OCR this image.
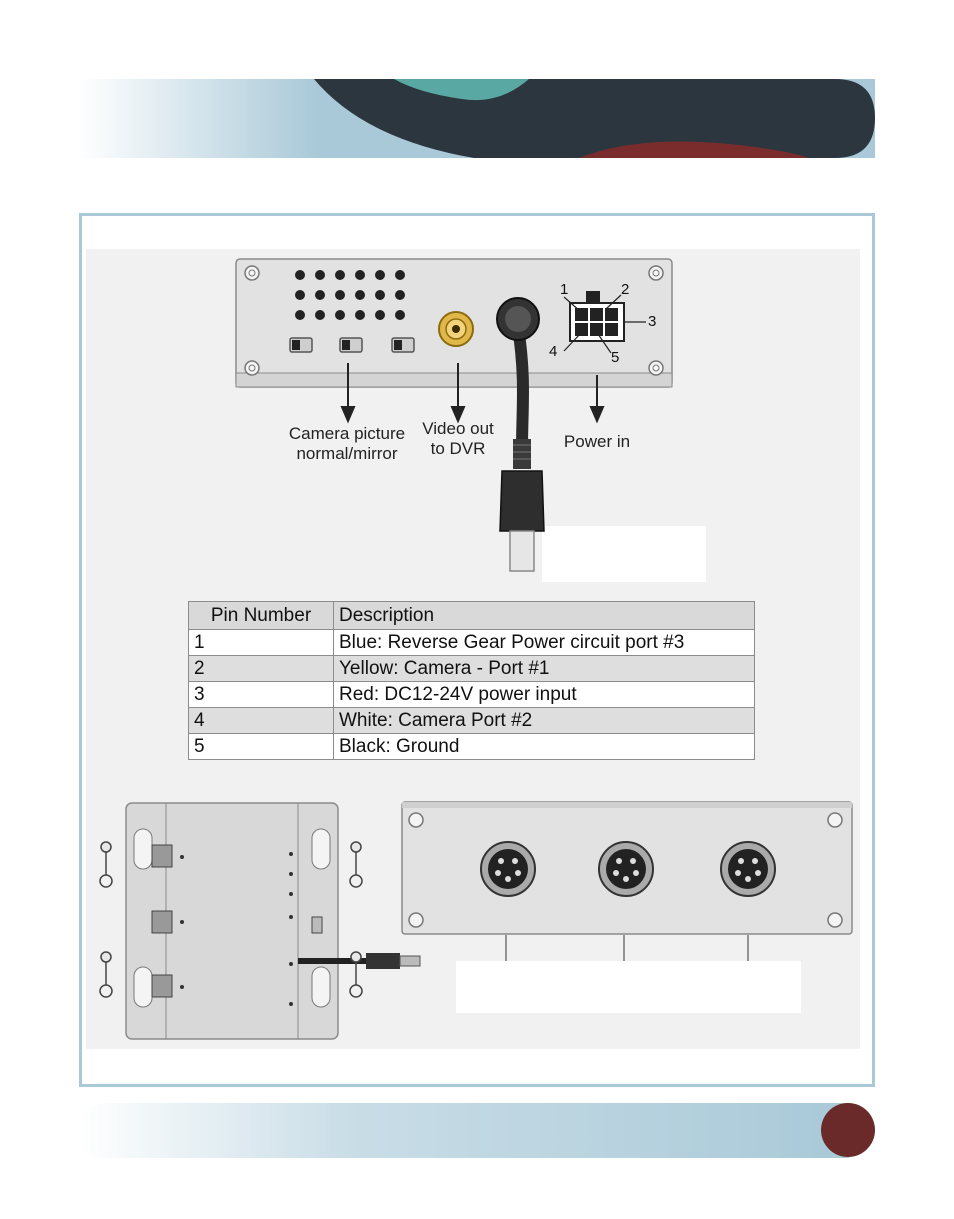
Camera picture
normal/mirror
Video out
to DVR	Power in
1	2
3
4	5
Pin Number	Description
1	Blue: Reverse Gear Power circuit port #3
2	Yellow: Camera - Port #1
3	Red: DC12-24V power input
4	White: Camera Port #2
5	Black: Ground
